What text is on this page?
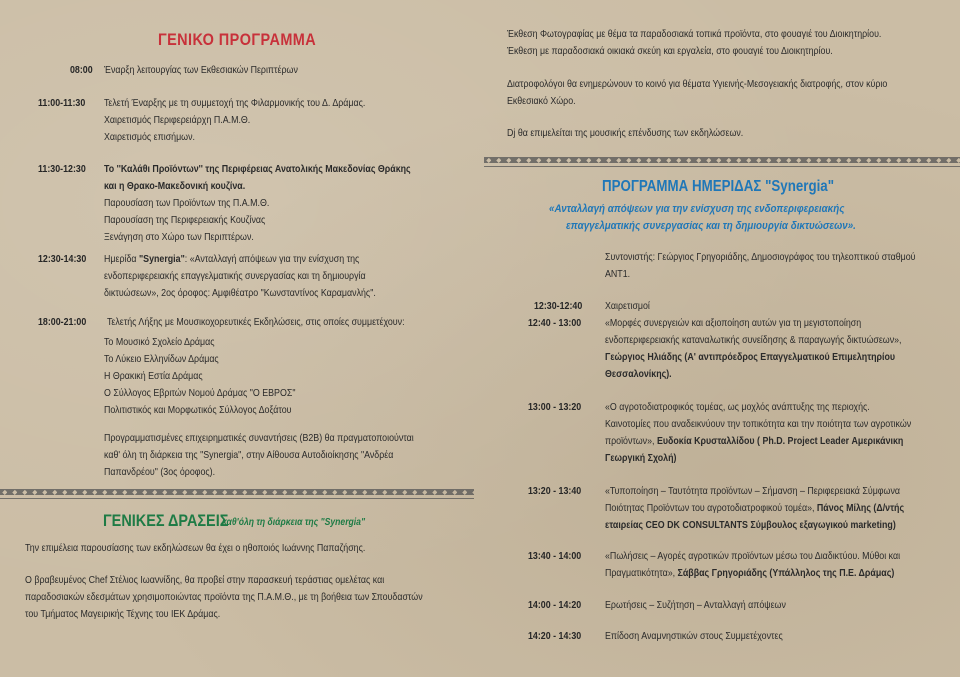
ΓΕΝΙΚΟ ΠΡΟΓΡΑΜΜΑ
08:00 Έναρξη λειτουργίας των Εκθεσιακών Περιπτέρων
11:00-11:30 Τελετή Έναρξης με τη συμμετοχή της Φιλαρμονικής του Δ. Δράμας.
Χαιρετισμός Περιφερειάρχη Π.Α.Μ.Θ.
Χαιρετισμός επισήμων.
11:30-12:30 Το ''Καλάθι Προϊόντων'' της Περιφέρειας Ανατολικής Μακεδονίας Θράκης
και η Θρακο-Μακεδονική κουζίνα.
Παρουσίαση των Προϊόντων της Π.Α.Μ.Θ.
Παρουσίαση της Περιφερειακής Κουζίνας
Ξενάγηση στο Χώρο των Περιπτέρων.
12:30-14:30 Ημερίδα "Synergia": «Ανταλλαγή απόψεων για την ενίσχυση της
ενδοπεριφερειακής επαγγελματικής συνεργασίας και τη δημιουργία
δικτυώσεων», 2ος όροφος: Αμφιθέατρο "Κωνσταντίνος Καραμανλής".
18:00-21:00 Τελετής Λήξης με Μουσικοχορευτικές Εκδηλώσεις, στις οποίες συμμετέχουν:
Το Μουσικό Σχολείο Δράμας
Το Λύκειο Ελληνίδων Δράμας
Η Θρακική Εστία Δράμας
Ο Σύλλογος Εβριτών Νομού Δράμας "Ο ΕΒΡΟΣ"
Πολιτιστικός και Μορφωτικός Σύλλογος Δοξάτου
Προγραμματισμένες επιχειρηματικές συναντήσεις (B2B) θα πραγματοποιούνται
καθ' όλη τη διάρκεια της "Synergia", στην Αίθουσα Αυτοδιοίκησης "Ανδρέα
Παπανδρέου" (3ος όροφος).
ΓΕΝΙΚΕΣ ΔΡΑΣΕΙΣ
καθ'όλη τη διάρκεια της "Synergia"
Την επιμέλεια παρουσίασης των εκδηλώσεων θα έχει ο ηθοποιός Ιωάννης Παπαζήσης.
Ο βραβευμένος Chef Στέλιος Ιωαννίδης, θα προβεί στην παρασκευή τεράστιας ομελέτας και
παραδοσιακών εδεσμάτων χρησιμοποιώντας προϊόντα της Π.Α.Μ.Θ., με τη βοήθεια των Σπουδαστών
του Τμήματος Μαγειρικής Τέχνης του ΙΕΚ Δράμας.
Έκθεση Φωτογραφίας με θέμα τα παραδοσιακά τοπικά προϊόντα, στο φουαγιέ του Διοικητηρίου.
Έκθεση με παραδοσιακά οικιακά σκεύη και εργαλεία, στο φουαγιέ του Διοικητηρίου.
Διατροφολόγοι θα ενημερώνουν το κοινό για θέματα Υγιεινής-Μεσογειακής διατροφής, στον κύριο
Εκθεσιακό Χώρο.
Dj θα επιμελείται της μουσικής επένδυσης των εκδηλώσεων.
ΠΡΟΓΡΑΜΜΑ ΗΜΕΡΙΔΑΣ "Synergia"
«Ανταλλαγή απόψεων για την ενίσχυση της ενδοπεριφερειακής
επαγγελματικής συνεργασίας και τη δημιουργία δικτυώσεων».
Συντονιστής: Γεώργιος Γρηγοριάδης, Δημοσιογράφος του τηλεοπτικού σταθμού
ΑΝΤ1.
12:30-12:40 Χαιρετισμοί
12:40 - 13:00 «Μορφές συνεργειών και αξιοποίηση αυτών για τη μεγιστοποίηση
ενδοπεριφερειακής καταναλωτικής συνείδησης & παραγωγής δικτυώσεων»,
Γεώργιος Ηλιάδης (Α' αντιπρόεδρος Επαγγελματικού Επιμελητηρίου
Θεσσαλονίκης).
13:00 - 13:20 «Ο αγροτοδιατροφικός τομέας, ως μοχλός ανάπτυξης της περιοχής.
Καινοτομίες που αναδεικνύουν την τοπικότητα και την ποιότητα των αγροτικών
προϊόντων», Ευδοκία Κρυσταλλίδου ( Ph.D. Project Leader Αμερικάνικη
Γεωργική Σχολή)
13:20 - 13:40 «Τυποποίηση – Ταυτότητα προϊόντων – Σήμανση – Περιφερειακά Σύμφωνα
Ποιότητας Προϊόντων του αγροτοδιατροφικού τομέα», Πάνος Μίλης (Δ/ντής
εταιρείας CEO DK CONSULTANTS Σύμβουλος εξαγωγικού marketing)
13:40 - 14:00 «Πωλήσεις – Αγορές αγροτικών προϊόντων μέσω του Διαδικτύου. Μύθοι και
Πραγματικότητα», Σάββας Γρηγοριάδης (Υπάλληλος της Π.Ε. Δράμας)
14:00 - 14:20 Ερωτήσεις – Συζήτηση – Ανταλλαγή απόψεων
14:20 - 14:30 Επίδοση Αναμνηστικών στους Συμμετέχοντες
